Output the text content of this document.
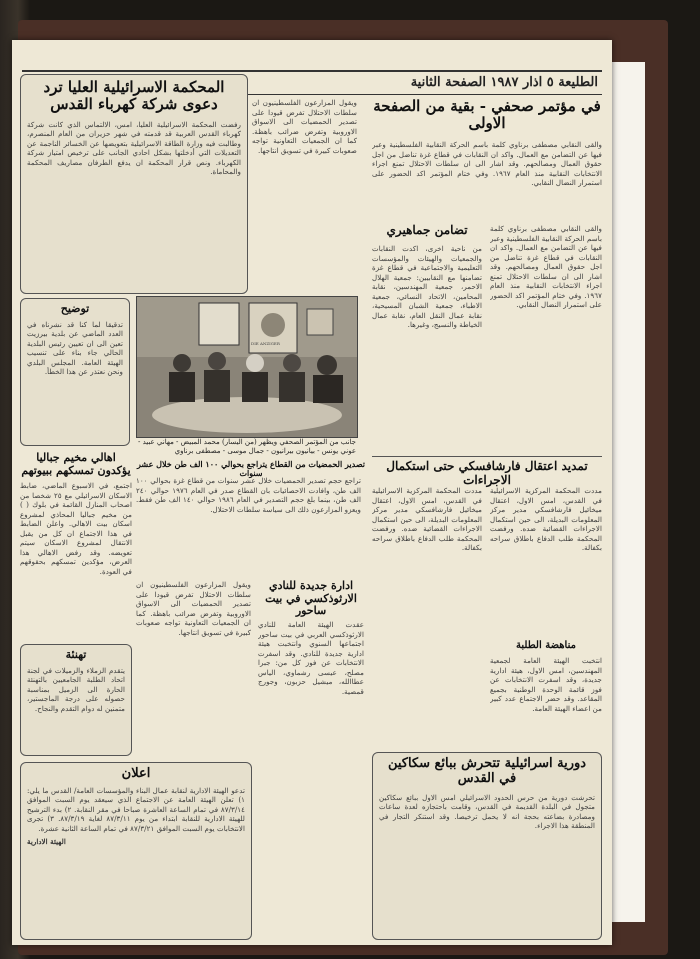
الطليعة ٥ اذار ١٩٨٧ الصفحة الثانية
المحكمة الاسرائيلية العليا ترد دعوى شركة كهرباء القدس
رفضت المحكمة الاسرائيلية العليا، امس، الالتماس الذي كانت شركة كهرباء القدس العربية قد قدمته في شهر حزيران من العام المنصرم، وطالبت فيه وزارة الطاقة الاسرائيلية بتعويضها عن الخسائر الناجمة عن التعديلات التي أدخلتها بشكل احادي الجانب على ترخيص امتياز شركة الكهرباء. ونص قرار المحكمة ان يدفع الطرفان مصاريف المحكمة والمحاماة.
توضيح
تدقيقا لما كنا قد نشرناه في العدد الماضي عن بلدية بيرزيت تعين الى ان تعيين رئيس البلدية الحالي جاء بناء على تنسيب الهيئة العامة. المجلس البلدي ونحن نعتذر عن هذا الخطأ.
اهالي مخيم جباليا يؤكدون تمسكهم ببيوتهم
اجتمع، في الاسبوع الماضي، ضابط الاسكان الاسرائيلي مع ٢٥ شخصا من اصحاب المنازل القائمة في بلوك ( ) من مخيم جباليا المحاذي لمشروع اسكان بيت الاهالي. واعلن الضابط في هذا الاجتماع ان كل من يقبل الانتقال لمشروع الاسكان سيتم تعويضه. وقد رفض الاهالي هذا العرض، مؤكدين تمسكهم بحقوقهم في العودة.
تهنئة
يتقدم الزملاء والزميلات في لجنة اتحاد الطلبة الجامعيين بالتهنئة الحارة الى الزميل بمناسبة حصوله على درجة الماجستير، متمنين له دوام التقدم والنجاح.
اعلان
تدعو الهيئة الادارية لنقابة عمال البناء والمؤسسات العامة/ القدس ما يلي: ١) تعلن الهيئة العامة عن الاجتماع الذي سيعقد يوم السبت الموافق ٨٧/٣/١٤ في تمام الساعة العاشرة صباحا في مقر النقابة. ٢) بدء الترشيح للهيئة الادارية للنقابة ابتداء من يوم ٨٧/٣/١١ لغاية ٨٧/٣/١٩. ٣) تجرى الانتخابات يوم السبت الموافق ٨٧/٣/٢١ في تمام الساعة الثانية عشرة.
الهيئة الادارية
ويقول المزارعون الفلسطينيون ان سلطات الاحتلال تفرض قيودا على تصدير الحمضيات الى الاسواق الاوروبية وتفرض ضرائب باهظة. كما ان الجمعيات التعاونية تواجه صعوبات كبيرة في تسويق انتاجها.
DIE ANZIGER
جانب من المؤتمر الصحفي ويظهر (من اليسار) محمد المبيض - مهاني عبيد - عوني يونس - بيانيون بيرانيون - جمال موسى - مصطفى برناوي
تصدير الحمضيات من القطاع يتراجع بحوالي ١٠٠ الف طن خلال عشر سنوات
تراجع حجم تصدير الحمضيات خلال عشر سنوات من قطاع غزة بحوالي ١٠٠ الف طن، وافادت الاحصائيات بان القطاع صدر في العام ١٩٧٦ حوالي ٢٤٠ الف طن، بينما بلغ حجم التصدير في العام ١٩٨٦ حوالي ١٤٠ الف طن فقط. ويعزو المزارعون ذلك الى سياسة سلطات الاحتلال.
ادارة جديدة للنادي الارثوذكسي في بيت ساحور
عقدت الهيئة العامة للنادي الارثوذكسي العربي في بيت ساحور اجتماعها السنوي وانتخبت هيئة ادارية جديدة للنادي. وقد اسفرت الانتخابات عن فوز كل من: جبرا مصلح، عيسى رشماوي، الياس عطاالله، ميشيل حزبون، وجورج قمصية.
ويقول المزارعون الفلسطينيون ان سلطات الاحتلال تفرض قيودا على تصدير الحمضيات الى الاسواق الاوروبية وتفرض ضرائب باهظة. كما ان الجمعيات التعاونية تواجه صعوبات كبيرة في تسويق انتاجها.
في مؤتمر صحفي - بقية من الصفحة الاولى
والقى النقابي مصطفى برناوي كلمة باسم الحركة النقابية الفلسطينية وعبر فيها عن التضامن مع العمال. واكد ان النقابات في قطاع غزة تناضل من اجل حقوق العمال ومصالحهم. وقد اشار الى ان سلطات الاحتلال تمنع اجراء الانتخابات النقابية منذ العام ١٩٦٧. وفي ختام المؤتمر اكد الحضور على استمرار النضال النقابي.
تضامن جماهيري
من ناحية اخرى، اكدت النقابات والجمعيات والهيئات والمؤسسات التعليمية والاجتماعية في قطاع غزة تضامنها مع النقابيين: جمعية الهلال الاحمر، جمعية المهندسين، نقابة المحامين، الاتحاد النسائي، جمعية الاطباء، جمعية الشبان المسيحية، نقابة عمال النقل العام، نقابة عمال الخياطة والنسيج، وغيرها.
والقى النقابي مصطفى برناوي كلمة باسم الحركة النقابية الفلسطينية وعبر فيها عن التضامن مع العمال. واكد ان النقابات في قطاع غزة تناضل من اجل حقوق العمال ومصالحهم. وقد اشار الى ان سلطات الاحتلال تمنع اجراء الانتخابات النقابية منذ العام ١٩٦٧. وفي ختام المؤتمر اكد الحضور على استمرار النضال النقابي.
تمديد اعتقال فارشافسكي حتى استكمال الاجراءات
مددت المحكمة المركزية الاسرائيلية في القدس، امس الاول، اعتقال ميخائيل فارشافسكي مدير مركز المعلومات البديلة، الى حين استكمال الاجراءات القضائية ضده. ورفضت المحكمة طلب الدفاع باطلاق سراحه بكفالة.
مددت المحكمة المركزية الاسرائيلية في القدس، امس الاول، اعتقال ميخائيل فارشافسكي مدير مركز المعلومات البديلة، الى حين استكمال الاجراءات القضائية ضده. ورفضت المحكمة طلب الدفاع باطلاق سراحه بكفالة.
مناهضة الطلبة
انتخبت الهيئة العامة لجمعية المهندسين، امس الاول، هيئة ادارية جديدة، وقد اسفرت الانتخابات عن فوز قائمة الوحدة الوطنية بجميع المقاعد. وقد حضر الاجتماع عدد كبير من اعضاء الهيئة العامة.
دورية اسرائيلية تتحرش ببائع سكاكين في القدس
تحرشت دورية من حرس الحدود الاسرائيلي امس الاول ببائع سكاكين متجول في البلدة القديمة في القدس، وقامت باحتجازه لعدة ساعات ومصادرة بضاعته بحجة انه لا يحمل ترخيصا. وقد استنكر التجار في المنطقة هذا الاجراء.
